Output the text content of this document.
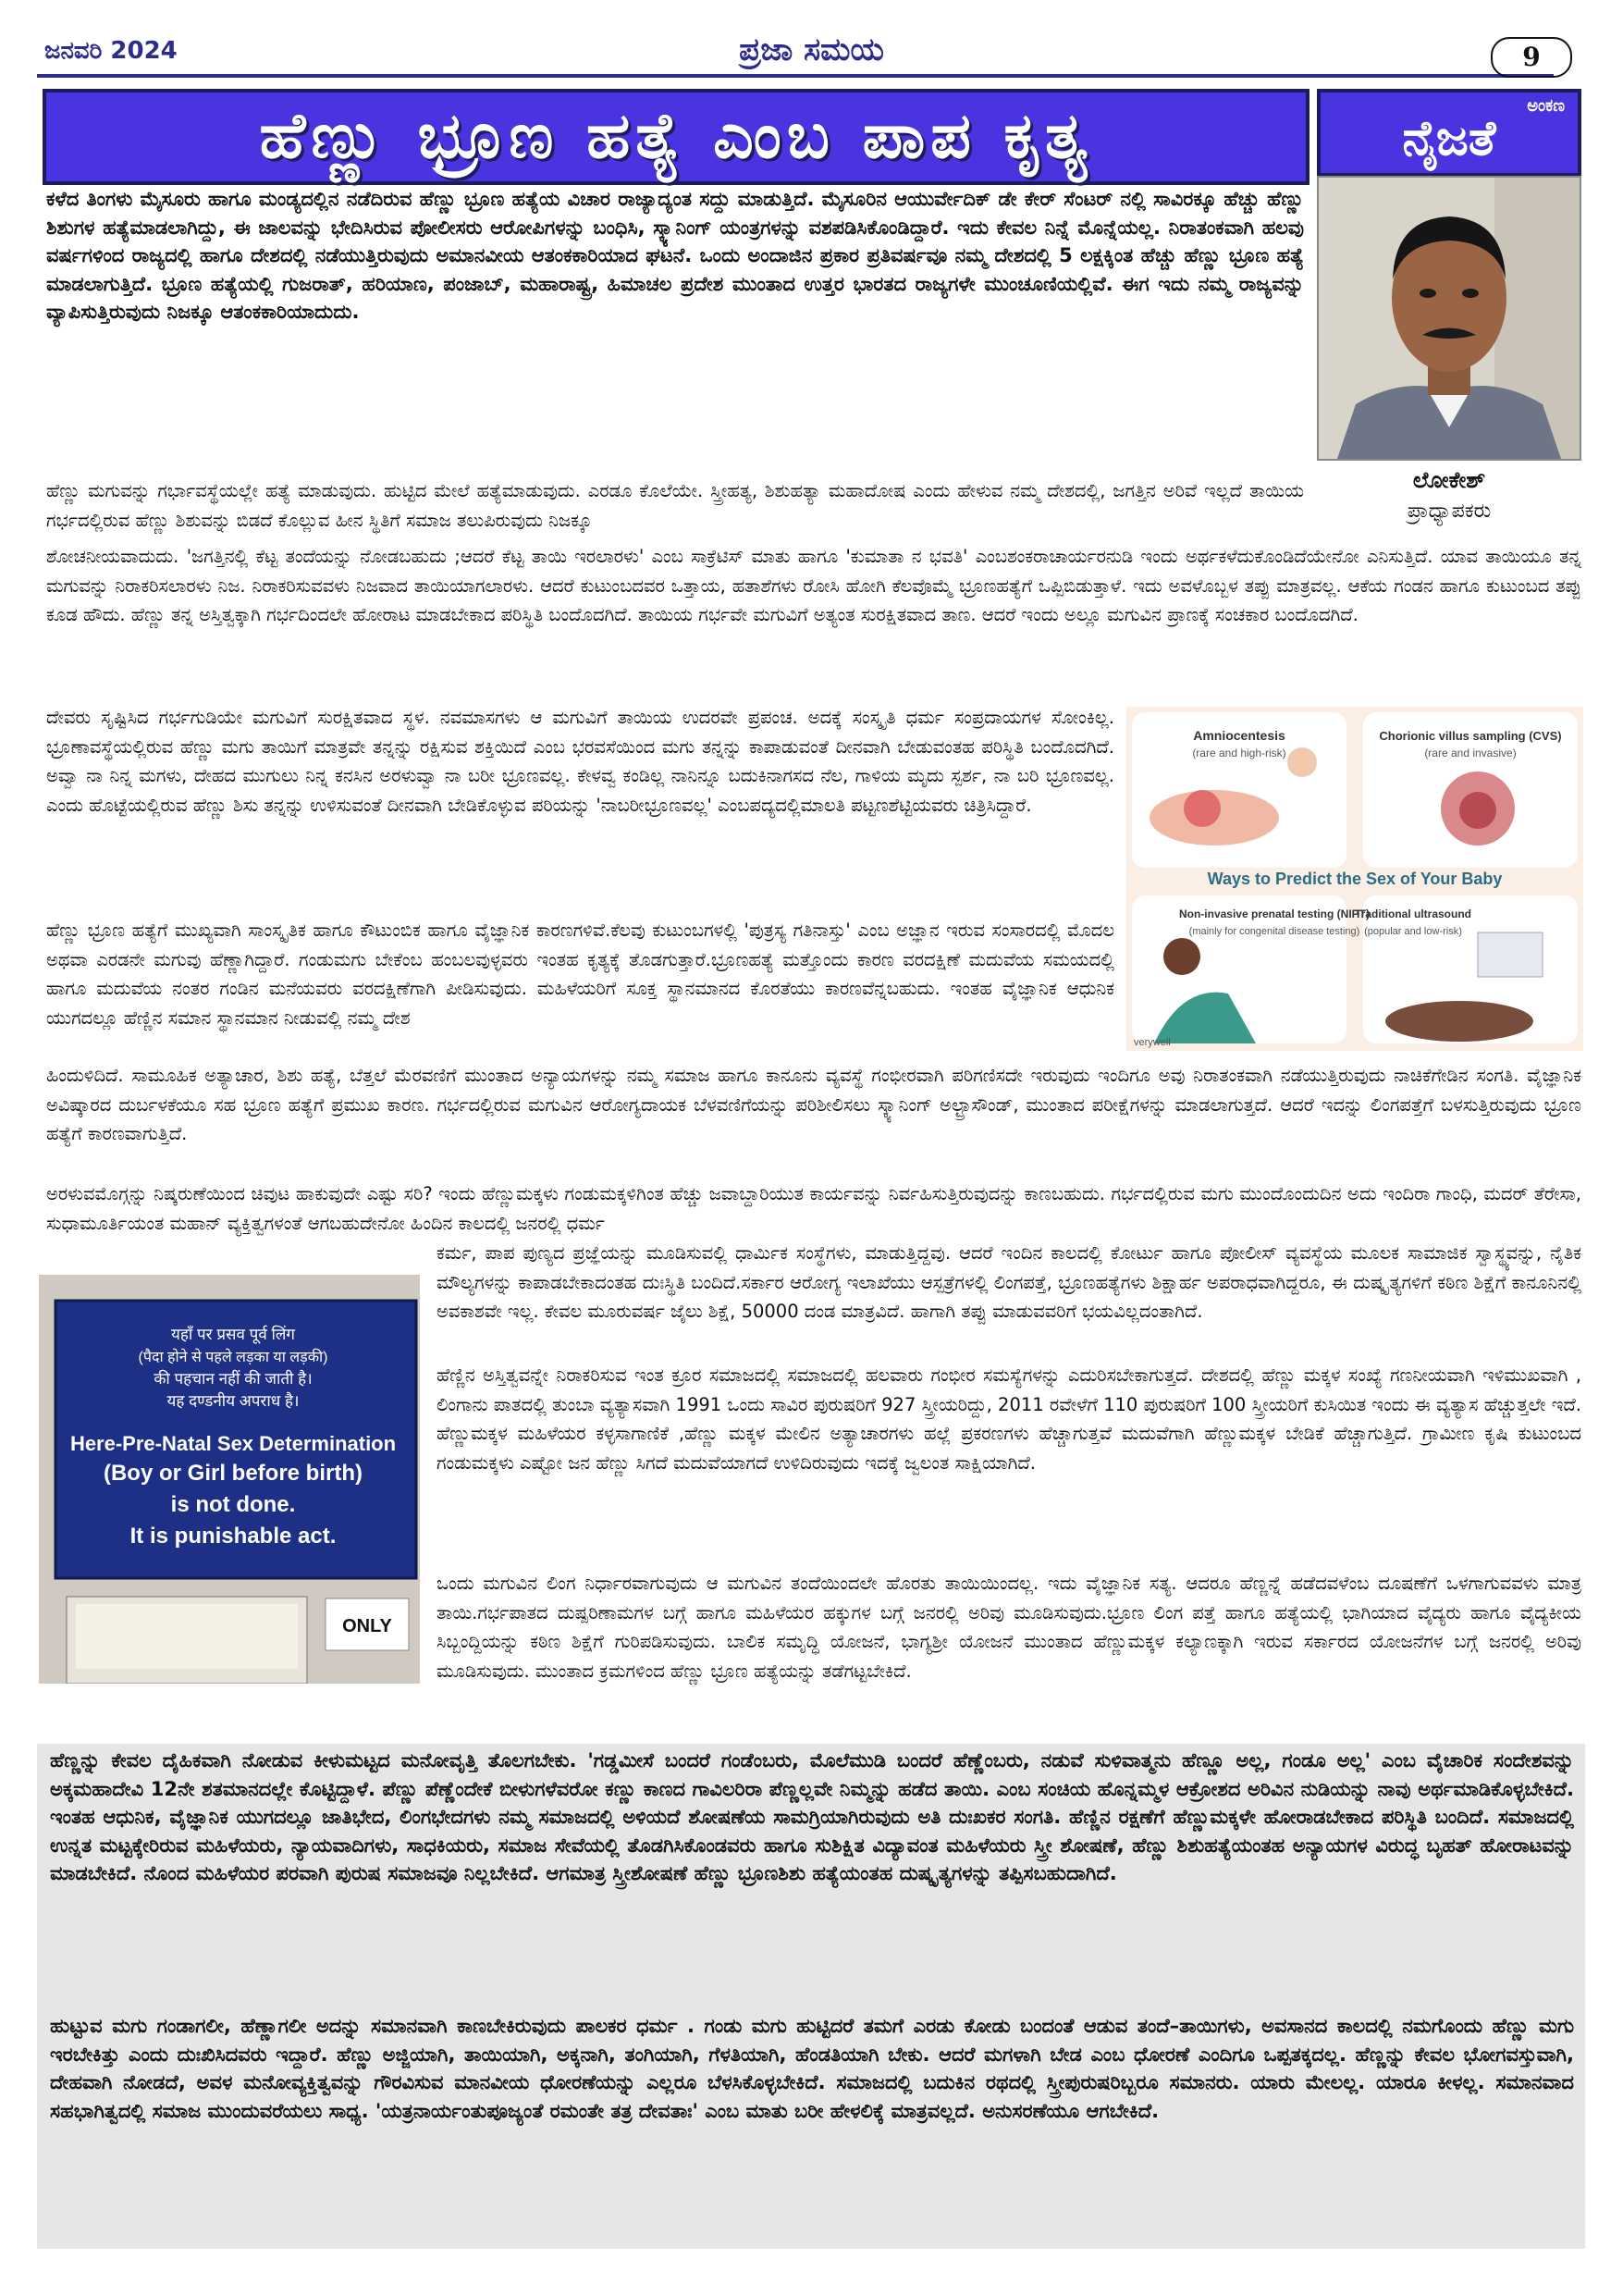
ಜನವರಿ 2024	ಪ್ರಜಾ ಸಮಯ	9
ಹೆಣ್ಣು ಭ್ರೂಣ ಹತ್ಯೆ ಎಂಬ ಪಾಪ ಕೃತ್ಯ	ಅಂಕಣ
ನೈಜತೆ
ಲೋಕೇಶ್
ಪ್ರಾಧ್ಯಾಪಕರು

ಕಳೆದ ತಿಂಗಳು ಮೈಸೂರು ಹಾಗೂ ಮಂಡ್ಯದಲ್ಲಿನ ನಡೆದಿರುವ ಹೆಣ್ಣು ಭ್ರೂಣ ಹತ್ಯೆಯ ವಿಚಾರ ರಾಜ್ಯಾದ್ಯಂತ ಸದ್ದು ಮಾಡುತ್ತಿದೆ. ಮೈಸೂರಿನ ಆಯುರ್ವೇದಿಕ್ ಡೇ ಕೇರ್ ಸೆಂಟರ್ ನಲ್ಲಿ ಸಾವಿರಕ್ಕೂ ಹೆಚ್ಚು ಹೆಣ್ಣು ಶಿಶುಗಳ ಹತ್ಯೆಮಾಡಲಾಗಿದ್ದು, ಈ ಜಾಲವನ್ನು ಭೇದಿಸಿರುವ ಪೋಲೀಸರು ಆರೋಪಿಗಳನ್ನು ಬಂಧಿಸಿ, ಸ್ಕ್ಯಾನಿಂಗ್ ಯಂತ್ರಗಳನ್ನು ವಶಪಡಿಸಿಕೊಂಡಿದ್ದಾರೆ. ಇದು ಕೇವಲ ನಿನ್ನೆ ಮೊನ್ನೆಯಲ್ಲ. ನಿರಾತಂಕವಾಗಿ ಹಲವು ವರ್ಷಗಳಿಂದ ರಾಜ್ಯದಲ್ಲಿ ಹಾಗೂ ದೇಶದಲ್ಲಿ ನಡೆಯುತ್ತಿರುವುದು ಅಮಾನವೀಯ ಆತಂಕಕಾರಿಯಾದ ಘಟನೆ. ಒಂದು ಅಂದಾಜಿನ ಪ್ರಕಾರ ಪ್ರತಿವರ್ಷವೂ ನಮ್ಮ ದೇಶದಲ್ಲಿ 5 ಲಕ್ಷಕ್ಕಿಂತ ಹೆಚ್ಚು ಹೆಣ್ಣು ಭ್ರೂಣ ಹತ್ಯೆ ಮಾಡಲಾಗುತ್ತಿದೆ. ಭ್ರೂಣ ಹತ್ಯೆಯಲ್ಲಿ ಗುಜರಾತ್, ಹರಿಯಾಣ, ಪಂಜಾಬ್, ಮಹಾರಾಷ್ಟ್ರ, ಹಿಮಾಚಲ ಪ್ರದೇಶ ಮುಂತಾದ ಉತ್ತರ ಭಾರತದ ರಾಜ್ಯಗಳೇ ಮುಂಚೂಣಿಯಲ್ಲಿವೆ. ಈಗ ಇದು ನಮ್ಮ ರಾಜ್ಯವನ್ನು ವ್ಯಾಪಿಸುತ್ತಿರುವುದು ನಿಜಕ್ಕೂ ಆತಂಕಕಾರಿಯಾದುದು.

ಹೆಣ್ಣು ಮಗುವನ್ನು ಗರ್ಭಾವಸ್ಥೆಯಲ್ಲೇ ಹತ್ಯೆ ಮಾಡುವುದು. ಹುಟ್ಟಿದ ಮೇಲೆ ಹತ್ಯೆಮಾಡುವುದು. ಎರಡೂ ಕೊಲೆಯೇ. ಸ್ತ್ರೀಹತ್ಯ, ಶಿಶುಹತ್ಯಾ ಮಹಾದೋಷ ಎಂದು ಹೇಳುವ ನಮ್ಮ ದೇಶದಲ್ಲಿ, ಜಗತ್ತಿನ ಅರಿವೆ ಇಲ್ಲದೆ ತಾಯಿಯ ಗರ್ಭದಲ್ಲಿರುವ ಹೆಣ್ಣು ಶಿಶುವನ್ನು ಬಿಡದೆ ಕೊಲ್ಲುವ ಹೀನ ಸ್ಥಿತಿಗೆ ಸಮಾಜ ತಲುಪಿರುವುದು ನಿಜಕ್ಕೂ

ಶೋಚನೀಯವಾದುದು. 'ಜಗತ್ತಿನಲ್ಲಿ ಕೆಟ್ಟ ತಂದೆಯನ್ನು ನೋಡಬಹುದು ;ಆದರೆ ಕೆಟ್ಟ ತಾಯಿ ಇರಲಾರಳು' ಎಂಬ ಸಾಕ್ರೆಟಿಸ್ ಮಾತು ಹಾಗೂ 'ಕುಮಾತಾ ನ ಭವತಿ' ಎಂಬಶಂಕರಾಚಾರ್ಯರನುಡಿ ಇಂದು ಅರ್ಥಕಳೆದುಕೊಂಡಿದೆಯೇನೋ ಎನಿಸುತ್ತಿದೆ. ಯಾವ ತಾಯಿಯೂ ತನ್ನ ಮಗುವನ್ನು ನಿರಾಕರಿಸಲಾರಳು ನಿಜ. ನಿರಾಕರಿಸುವವಳು ನಿಜವಾದ ತಾಯಿಯಾಗಲಾರಳು. ಆದರೆ ಕುಟುಂಬದವರ ಒತ್ತಾಯ, ಹತಾಶೆಗಳು ರೋಸಿ ಹೋಗಿ ಕೆಲವೊಮ್ಮೆ ಭ್ರೂಣಹತ್ಯೆಗೆ ಒಪ್ಪಿಬಿಡುತ್ತಾಳೆ. ಇದು ಅವಳೊಬ್ಬಳ ತಪ್ಪು ಮಾತ್ರವಲ್ಲ. ಆಕೆಯ ಗಂಡನ ಹಾಗೂ ಕುಟುಂಬದ ತಪ್ಪು ಕೂಡ ಹೌದು. ಹೆಣ್ಣು ತನ್ನ ಅಸ್ತಿತ್ವಕ್ಕಾಗಿ ಗರ್ಭದಿಂದಲೇ ಹೋರಾಟ ಮಾಡಬೇಕಾದ ಪರಿಸ್ಥಿತಿ ಬಂದೊದಗಿದೆ. ತಾಯಿಯ ಗರ್ಭವೇ ಮಗುವಿಗೆ ಅತ್ಯಂತ ಸುರಕ್ಷಿತವಾದ ತಾಣ. ಆದರೆ ಇಂದು ಅಲ್ಲೂ ಮಗುವಿನ ಪ್ರಾಣಕ್ಕೆ ಸಂಚಕಾರ ಬಂದೊದಗಿದೆ.

ದೇವರು ಸೃಷ್ಟಿಸಿದ ಗರ್ಭಗುಡಿಯೇ ಮಗುವಿಗೆ ಸುರಕ್ಷಿತವಾದ ಸ್ಥಳ. ನವಮಾಸಗಳು ಆ ಮಗುವಿಗೆ ತಾಯಿಯ ಉದರವೇ ಪ್ರಪಂಚ. ಅದಕ್ಕೆ ಸಂಸ್ಕೃತಿ ಧರ್ಮ ಸಂಪ್ರದಾಯಗಳ ಸೋಂಕಿಲ್ಲ. ಭ್ರೂಣಾವಸ್ಥೆಯಲ್ಲಿರುವ ಹೆಣ್ಣು ಮಗು ತಾಯಿಗೆ ಮಾತ್ರವೇ ತನ್ನನ್ನು ರಕ್ಷಿಸುವ ಶಕ್ತಿಯಿದೆ ಎಂಬ ಭರವಸೆಯಿಂದ ಮಗು ತನ್ನನ್ನು ಕಾಪಾಡುವಂತೆ ದೀನವಾಗಿ ಬೇಡುವಂತಹ ಪರಿಸ್ಥಿತಿ ಬಂದೊದಗಿದೆ. ಅವ್ವಾ ನಾ ನಿನ್ನ ಮಗಳು, ದೇಹದ ಮುಗುಲು ನಿನ್ನ ಕನಸಿನ ಅರಳುವ್ವಾ ನಾ ಬರೀ ಭ್ರೂಣವಲ್ಲ. ಕೇಳವ್ವ ಕಂಡಿಲ್ಲ ನಾನಿನ್ನೂ ಬದುಕಿನಾಗಸದ ನೆಲ, ಗಾಳಿಯ ಮೃದು ಸ್ಪರ್ಶ, ನಾ ಬರಿ ಭ್ರೂಣವಲ್ಲ. ಎಂದು ಹೊಟ್ಟೆಯಲ್ಲಿರುವ ಹೆಣ್ಣು ಶಿಸು ತನ್ನನ್ನು ಉಳಿಸುವಂತೆ ದೀನವಾಗಿ ಬೇಡಿಕೊಳ್ಳುವ ಪರಿಯನ್ನು 'ನಾಬರೀಭ್ರೂಣವಲ್ಲ' ಎಂಬಪದ್ಯದಲ್ಲಿಮಾಲತಿ ಪಟ್ಟಣಶೆಟ್ಟಿಯವರು ಚಿತ್ರಿಸಿದ್ದಾರೆ.

ಹೆಣ್ಣು ಭ್ರೂಣ ಹತ್ಯೆಗೆ ಮುಖ್ಯವಾಗಿ ಸಾಂಸ್ಕೃತಿಕ ಹಾಗೂ ಕೌಟುಂಬಿಕ ಹಾಗೂ ವೈಜ್ಞಾನಿಕ ಕಾರಣಗಳಿವೆ.ಕೆಲವು ಕುಟುಂಬಗಳಲ್ಲಿ 'ಪುತ್ರಸ್ಯ ಗತಿನಾಸ್ತು' ಎಂಬ ಅಜ್ಞಾನ ಇರುವ ಸಂಸಾರದಲ್ಲಿ ಮೊದಲ ಅಥವಾ ಎರಡನೇ ಮಗುವು ಹೆಣ್ಣಾಗಿದ್ದಾರೆ. ಗಂಡುಮಗು ಬೇಕೆಂಬ ಹಂಬಲವುಳ್ಳವರು ಇಂತಹ ಕೃತ್ಯಕ್ಕೆ ತೊಡಗುತ್ತಾರೆ.ಭ್ರೂಣಹತ್ಯೆ ಮತ್ತೊಂದು ಕಾರಣ ವರದಕ್ಷಿಣೆ ಮದುವೆಯ ಸಮಯದಲ್ಲಿ ಹಾಗೂ ಮದುವೆಯ ನಂತರ ಗಂಡಿನ ಮನೆಯವರು ವರದಕ್ಷಿಣೆಗಾಗಿ ಪೀಡಿಸುವುದು. ಮಹಿಳೆಯರಿಗೆ ಸೂಕ್ತ ಸ್ಥಾನಮಾನದ ಕೊರತೆಯು ಕಾರಣವೆನ್ನಬಹುದು. ಇಂತಹ ವೈಜ್ಞಾನಿಕ ಆಧುನಿಕ ಯುಗದಲ್ಲೂ ಹೆಣ್ಣಿನ ಸಮಾನ ಸ್ಥಾನಮಾನ ನೀಡುವಲ್ಲಿ ನಮ್ಮ ದೇಶ

ಹಿಂದುಳಿದಿದೆ. ಸಾಮೂಹಿಕ ಅತ್ಯಾಚಾರ, ಶಿಶು ಹತ್ಯೆ, ಬೆತ್ತಲೆ ಮೆರವಣಿಗೆ ಮುಂತಾದ ಅನ್ಯಾಯಗಳನ್ನು ನಮ್ಮ ಸಮಾಜ ಹಾಗೂ ಕಾನೂನು ವ್ಯವಸ್ಥೆ ಗಂಭೀರವಾಗಿ ಪರಿಗಣಿಸದೇ ಇರುವುದು ಇಂದಿಗೂ ಅವು ನಿರಾತಂಕವಾಗಿ ನಡೆಯುತ್ತಿರುವುದು ನಾಚಿಕೆಗೇಡಿನ ಸಂಗತಿ. ವೈಜ್ಞಾನಿಕ ಅವಿಷ್ಕಾರದ ದುರ್ಬಳಕೆಯೂ ಸಹ ಭ್ರೂಣ ಹತ್ಯೆಗೆ ಪ್ರಮುಖ ಕಾರಣ. ಗರ್ಭದಲ್ಲಿರುವ ಮಗುವಿನ ಆರೋಗ್ಯದಾಯಕ ಬೆಳವಣಿಗೆಯನ್ನು ಪರಿಶೀಲಿಸಲು ಸ್ಕ್ಯಾನಿಂಗ್ ಅಲ್ಟ್ರಾಸೌಂಡ್, ಮುಂತಾದ ಪರೀಕ್ಷೆಗಳನ್ನು ಮಾಡಲಾಗುತ್ತದೆ. ಆದರೆ ಇದನ್ನು ಲಿಂಗಪತ್ತೆಗೆ ಬಳಸುತ್ತಿರುವುದು ಭ್ರೂಣ ಹತ್ಯೆಗೆ ಕಾರಣವಾಗುತ್ತಿದೆ.

ಅರಳುವಮೊಗ್ಗನ್ನು ನಿಷ್ಕರುಣೆಯಿಂದ ಚಿವುಟ ಹಾಕುವುದೇ ಎಷ್ಟು ಸರಿ? ಇಂದು ಹೆಣ್ಣುಮಕ್ಕಳು ಗಂಡುಮಕ್ಕಳಿಗಿಂತ ಹೆಚ್ಚು ಜವಾಬ್ದಾರಿಯುತ ಕಾರ್ಯವನ್ನು ನಿರ್ವಹಿಸುತ್ತಿರುವುದನ್ನು ಕಾಣಬಹುದು. ಗರ್ಭದಲ್ಲಿರುವ ಮಗು ಮುಂದೊಂದುದಿನ ಅದು ಇಂದಿರಾ ಗಾಂಧಿ, ಮದರ್ ತೆರೇಸಾ, ಸುಧಾಮೂರ್ತಿಯಂತ ಮಹಾನ್ ವ್ಯಕ್ತಿತ್ವಗಳಂತೆ ಆಗಬಹುದೇನೋ ಹಿಂದಿನ ಕಾಲದಲ್ಲಿ ಜನರಲ್ಲಿ ಧರ್ಮ

ಕರ್ಮ, ಪಾಪ ಪುಣ್ಯದ ಪ್ರಜ್ಞೆಯನ್ನು ಮೂಡಿಸುವಲ್ಲಿ ಧಾರ್ಮಿಕ ಸಂಸ್ಥೆಗಳು, ಮಾಡುತ್ತಿದ್ದವು. ಆದರೆ ಇಂದಿನ ಕಾಲದಲ್ಲಿ ಕೋರ್ಟು ಹಾಗೂ ಪೋಲೀಸ್ ವ್ಯವಸ್ಥೆಯ ಮೂಲಕ ಸಾಮಾಜಿಕ ಸ್ವಾಸ್ಥ್ಯವನ್ನು, ನೈತಿಕ ಮೌಲ್ಯಗಳನ್ನು ಕಾಪಾಡಬೇಕಾದಂತಹ ದುಃಸ್ಥಿತಿ ಬಂದಿದೆ.ಸರ್ಕಾರ ಆರೋಗ್ಯ ಇಲಾಖೆಯು ಆಸ್ಪತ್ರೆಗಳಲ್ಲಿ ಲಿಂಗಪತ್ತೆ, ಭ್ರೂಣಹತ್ಯೆಗಳು ಶಿಕ್ಷಾರ್ಹ ಅಪರಾಧವಾಗಿದ್ದರೂ, ಈ ದುಷ್ಕೃತ್ಯಗಳಿಗೆ ಕಠಿಣ ಶಿಕ್ಷೆಗೆ ಕಾನೂನಿನಲ್ಲಿ ಅವಕಾಶವೇ ಇಲ್ಲ. ಕೇವಲ ಮೂರುವರ್ಷ ಜೈಲು ಶಿಕ್ಷೆ, 50000 ದಂಡ ಮಾತ್ರವಿದೆ. ಹಾಗಾಗಿ ತಪ್ಪು ಮಾಡುವವರಿಗೆ ಭಯವಿಲ್ಲದಂತಾಗಿದೆ.

ಹೆಣ್ಣಿನ ಅಸ್ತಿತ್ವವನ್ನೇ ನಿರಾಕರಿಸುವ ಇಂತ ಕ್ರೂರ ಸಮಾಜದಲ್ಲಿ ಸಮಾಜದಲ್ಲಿ ಹಲವಾರು ಗಂಭೀರ ಸಮಸ್ಯೆಗಳನ್ನು ಎದುರಿಸಬೇಕಾಗುತ್ತದೆ. ದೇಶದಲ್ಲಿ ಹೆಣ್ಣು ಮಕ್ಕಳ ಸಂಖ್ಯೆ ಗಣನೀಯವಾಗಿ ಇಳಿಮುಖವಾಗಿ , ಲಿಂಗಾನು ಪಾತದಲ್ಲಿ ತುಂಬಾ ವ್ಯತ್ಯಾಸವಾಗಿ 1991 ಒಂದು ಸಾವಿರ ಪುರುಷರಿಗೆ 927 ಸ್ತ್ರೀಯರಿದ್ದು, 2011 ರವೇಳೆಗೆ 110 ಪುರುಷರಿಗೆ 100 ಸ್ತ್ರೀಯರಿಗೆ ಕುಸಿಯಿತ ಇಂದು ಈ ವ್ಯತ್ಯಾಸ ಹೆಚ್ಚುತ್ತಲೇ ಇದೆ. ಹೆಣ್ಣುಮಕ್ಕಳ ಮಹಿಳೆಯರ ಕಳ್ಳಸಾಗಾಣಿಕೆ ,ಹೆಣ್ಣು ಮಕ್ಕಳ ಮೇಲಿನ ಅತ್ಯಾಚಾರಗಳು ಹಲ್ಲೆ ಪ್ರಕರಣಗಳು ಹೆಚ್ಚಾಗುತ್ತವೆ ಮದುವೆಗಾಗಿ ಹೆಣ್ಣುಮಕ್ಕಳ ಬೇಡಿಕೆ ಹೆಚ್ಚಾಗುತ್ತಿದೆ. ಗ್ರಾಮೀಣ ಕೃಷಿ ಕುಟುಂಬದ ಗಂಡುಮಕ್ಕಳು ಎಷ್ಟೋ ಜನ ಹೆಣ್ಣು ಸಿಗದೆ ಮದುವೆಯಾಗದೆ ಉಳಿದಿರುವುದು ಇದಕ್ಕೆ ಜ್ವಲಂತ ಸಾಕ್ಷಿಯಾಗಿದೆ.

ಒಂದು ಮಗುವಿನ ಲಿಂಗ ನಿರ್ಧಾರವಾಗುವುದು ಆ ಮಗುವಿನ ತಂದೆಯಿಂದಲೇ ಹೊರತು ತಾಯಿಯಿಂದಲ್ಲ. ಇದು ವೈಜ್ಞಾನಿಕ ಸತ್ಯ. ಆದರೂ ಹೆಣ್ಣನ್ನೆ ಹಡೆದವಳೆಂಬ ದೂಷಣೆಗೆ ಒಳಗಾಗುವವಳು ಮಾತ್ರ ತಾಯಿ.ಗರ್ಭಪಾತದ ದುಷ್ಪರಿಣಾಮಗಳ ಬಗ್ಗೆ ಹಾಗೂ ಮಹಿಳೆಯರ ಹಕ್ಕುಗಳ ಬಗ್ಗೆ ಜನರಲ್ಲಿ ಅರಿವು ಮೂಡಿಸುವುದು.ಭ್ರೂಣ ಲಿಂಗ ಪತ್ತೆ ಹಾಗೂ ಹತ್ಯೆಯಲ್ಲಿ ಭಾಗಿಯಾದ ವೈದ್ಯರು ಹಾಗೂ ವೈದ್ಯಕೀಯ ಸಿಬ್ಬಂದ್ದಿಯನ್ನು ಕಠಿಣ ಶಿಕ್ಷೆಗೆ ಗುರಿಪಡಿಸುವುದು. ಬಾಲಿಕ ಸಮೃದ್ಧಿ ಯೋಜನೆ, ಭಾಗ್ಯಶ್ರೀ ಯೋಜನೆ ಮುಂತಾದ ಹೆಣ್ಣುಮಕ್ಕಳ ಕಲ್ಯಾಣಕ್ಕಾಗಿ ಇರುವ ಸರ್ಕಾರದ ಯೋಜನೆಗಳ ಬಗ್ಗೆ ಜನರಲ್ಲಿ ಅರಿವು ಮೂಡಿಸುವುದು. ಮುಂತಾದ ಕ್ರಮಗಳಿಂದ ಹೆಣ್ಣು ಭ್ರೂಣ ಹತ್ಯೆಯನ್ನು ತಡೆಗಟ್ಟಬೇಕಿದೆ.

Amniocentesis
(rare and high-risk)
Chorionic villus sampling (CVS)
(rare and invasive)
Ways to Predict the Sex of Your Baby
Non-invasive prenatal testing (NIPT)
(mainly for congenital disease testing)
Traditional ultrasound
(popular and low-risk)
verywell
यहाँ पर प्रसव पूर्व लिंग
(पैदा होने से पहले लड़का या लड़की)
की पहचान नहीं की जाती है।
यह दण्डनीय अपराध है।
Here-Pre-Natal Sex Determination
(Boy or Girl before birth)
is not done.
It is punishable act.
ONLY

ಹೆಣ್ಣನ್ನು ಕೇವಲ ದೈಹಿಕವಾಗಿ ನೋಡುವ ಕೀಳುಮಟ್ಟದ ಮನೋವೃತ್ತಿ ತೊಲಗಬೇಕು. 'ಗಡ್ಡಮೀಸೆ ಬಂದರೆ ಗಂಡೆಂಬರು, ಮೊಲೆಮುಡಿ ಬಂದರೆ ಹೆಣ್ಣೆಂಬರು, ನಡುವೆ ಸುಳಿವಾತ್ಮನು ಹೆಣ್ಣೂ ಅಲ್ಲ, ಗಂಡೂ ಅಲ್ಲ' ಎಂಬ ವೈಚಾರಿಕ ಸಂದೇಶವನ್ನು ಅಕ್ಕಮಹಾದೇವಿ 12ನೇ ಶತಮಾನದಲ್ಲೇ ಕೊಟ್ಟಿದ್ದಾಳೆ. ಪೆಣ್ಣು ಪೆಣ್ಣೆಂದೇಕೆ ಬೀಳುಗಳೆವರೋ ಕಣ್ಣು ಕಾಣದ ಗಾವಿಲರಿರಾ ಪೆಣ್ಣಲ್ಲವೇ ನಿಮ್ಮನ್ನು ಹಡೆದ ತಾಯಿ. ಎಂಬ ಸಂಚಿಯ ಹೊನ್ನಮ್ಮಳ ಆಕ್ರೋಶದ ಅರಿವಿನ ನುಡಿಯನ್ನು ನಾವು ಅರ್ಥಮಾಡಿಕೊಳ್ಳಬೇಕಿದೆ. ಇಂತಹ ಆಧುನಿಕ, ವೈಜ್ಞಾನಿಕ ಯುಗದಲ್ಲೂ ಜಾತಿಭೇದ, ಲಿಂಗಭೇದಗಳು ನಮ್ಮ ಸಮಾಜದಲ್ಲಿ ಅಳಿಯದೆ ಶೋಷಣೆಯ ಸಾಮಗ್ರಿಯಾಗಿರುವುದು ಅತಿ ದುಃಖಕರ ಸಂಗತಿ. ಹೆಣ್ಣಿನ ರಕ್ಷಣೆಗೆ ಹೆಣ್ಣುಮಕ್ಕಳೇ ಹೋರಾಡಬೇಕಾದ ಪರಿಸ್ಥಿತಿ ಬಂದಿದೆ. ಸಮಾಜದಲ್ಲಿ ಉನ್ನತ ಮಟ್ಟಕ್ಕೇರಿರುವ ಮಹಿಳೆಯರು, ನ್ಯಾಯವಾದಿಗಳು, ಸಾಧಕಿಯರು, ಸಮಾಜ ಸೇವೆಯಲ್ಲಿ ತೊಡಗಿಸಿಕೊಂಡವರು ಹಾಗೂ ಸುಶಿಕ್ಷಿತ ವಿದ್ಯಾವಂತ ಮಹಿಳೆಯರು ಸ್ತ್ರೀ ಶೋಷಣೆ, ಹೆಣ್ಣು ಶಿಶುಹತ್ಯೆಯಂತಹ ಅನ್ಯಾಯಗಳ ವಿರುದ್ಧ ಬೃಹತ್ ಹೋರಾಟವನ್ನು ಮಾಡಬೇಕಿದೆ. ನೊಂದ ಮಹಿಳೆಯರ ಪರವಾಗಿ ಪುರುಷ ಸಮಾಜವೂ ನಿಲ್ಲಬೇಕಿದೆ. ಆಗಮಾತ್ರ ಸ್ತ್ರೀಶೋಷಣೆ ಹೆಣ್ಣು ಭ್ರೂಣಶಿಶು ಹತ್ಯೆಯಂತಹ ದುಷ್ಕೃತ್ಯಗಳನ್ನು ತಪ್ಪಿಸಬಹುದಾಗಿದೆ.

ಹುಟ್ಟುವ ಮಗು ಗಂಡಾಗಲೀ, ಹೆಣ್ಣಾಗಲೀ ಅದನ್ನು ಸಮಾನವಾಗಿ ಕಾಣಬೇಕಿರುವುದು ಪಾಲಕರ ಧರ್ಮ . ಗಂಡು ಮಗು ಹುಟ್ಟಿದರೆ ತಮಗೆ ಎರಡು ಕೋಡು ಬಂದಂತೆ ಆಡುವ ತಂದೆ–ತಾಯಿಗಳು, ಅವಸಾನದ ಕಾಲದಲ್ಲಿ ನಮಗೊಂದು ಹೆಣ್ಣು ಮಗು ಇರಬೇಕಿತ್ತು ಎಂದು ದುಃಖಿಸಿದವರು ಇದ್ದಾರೆ. ಹೆಣ್ಣು ಅಜ್ಜಿಯಾಗಿ, ತಾಯಿಯಾಗಿ, ಅಕ್ಕನಾಗಿ, ತಂಗಿಯಾಗಿ, ಗೆಳತಿಯಾಗಿ, ಹೆಂಡತಿಯಾಗಿ ಬೇಕು. ಆದರೆ ಮಗಳಾಗಿ ಬೇಡ ಎಂಬ ಧೋರಣೆ ಎಂದಿಗೂ ಒಪ್ಪತಕ್ಕದಲ್ಲ. ಹೆಣ್ಣನ್ನು ಕೇವಲ ಭೋಗವಸ್ತುವಾಗಿ, ದೇಹವಾಗಿ ನೋಡದೆ, ಅವಳ ಮನೋವ್ಯಕ್ತಿತ್ವವನ್ನು ಗೌರವಿಸುವ ಮಾನವೀಯ ಧೋರಣೆಯನ್ನು ಎಲ್ಲರೂ ಬೆಳಸಿಕೊಳ್ಳಬೇಕಿದೆ. ಸಮಾಜದಲ್ಲಿ ಬದುಕಿನ ರಥದಲ್ಲಿ ಸ್ತ್ರೀಪುರುಷರಿಬ್ಬರೂ ಸಮಾನರು. ಯಾರು ಮೇಲಲ್ಲ. ಯಾರೂ ಕೀಳಲ್ಲ. ಸಮಾನವಾದ ಸಹಭಾಗಿತ್ವದಲ್ಲಿ ಸಮಾಜ ಮುಂದುವರೆಯಲು ಸಾಧ್ಯ. 'ಯತ್ರನಾರ್ಯಂತುಪೂಜ್ಯಂತೆ ರಮಂತೇ ತತ್ರ ದೇವತಾಃ' ಎಂಬ ಮಾತು ಬರೀ ಹೇಳಲಿಕ್ಕೆ ಮಾತ್ರವಲ್ಲದೆ. ಅನುಸರಣೆಯೂ ಆಗಬೇಕಿದೆ.
